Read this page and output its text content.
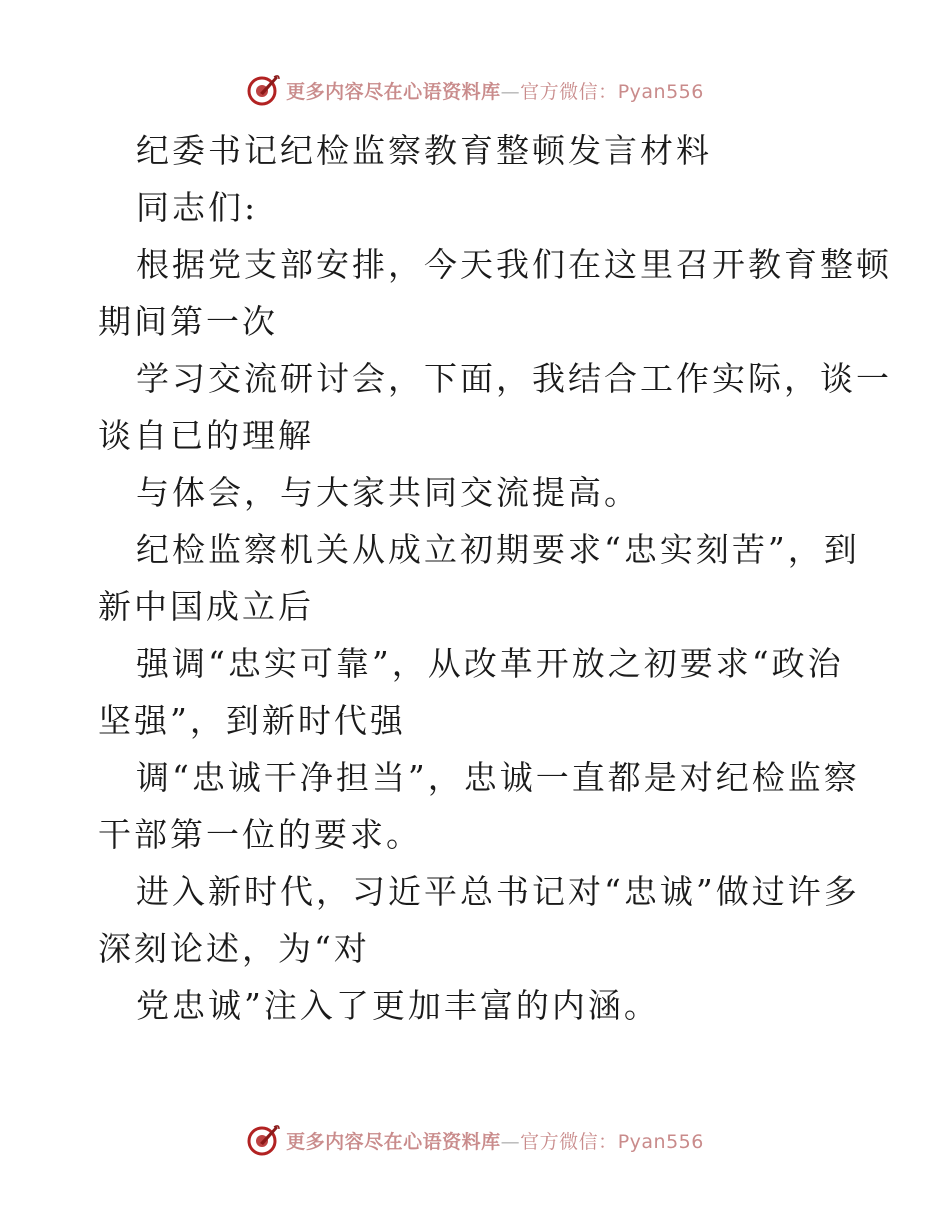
更多内容尽在心语资料库—官方微信：Pyan556
纪委书记纪检监察教育整顿发言材料
同志们:
根据党支部安排，今天我们在这里召开教育整顿
期间第一次
学习交流研讨会，下面，我结合工作实际，谈一
谈自已的理解
与体会，与大家共同交流提高。
纪检监察机关从成立初期要求“忠实刻苦”，到
新中国成立后
强调“忠实可靠”，从改革开放之初要求“政治
坚强”，到新时代强
调“忠诚干净担当”，忠诚一直都是对纪检监察
干部第一位的要求。
进入新时代，习近平总书记对“忠诚”做过许多
深刻论述，为“对
党忠诚”注入了更加丰富的内涵。
更多内容尽在心语资料库—官方微信：Pyan556
